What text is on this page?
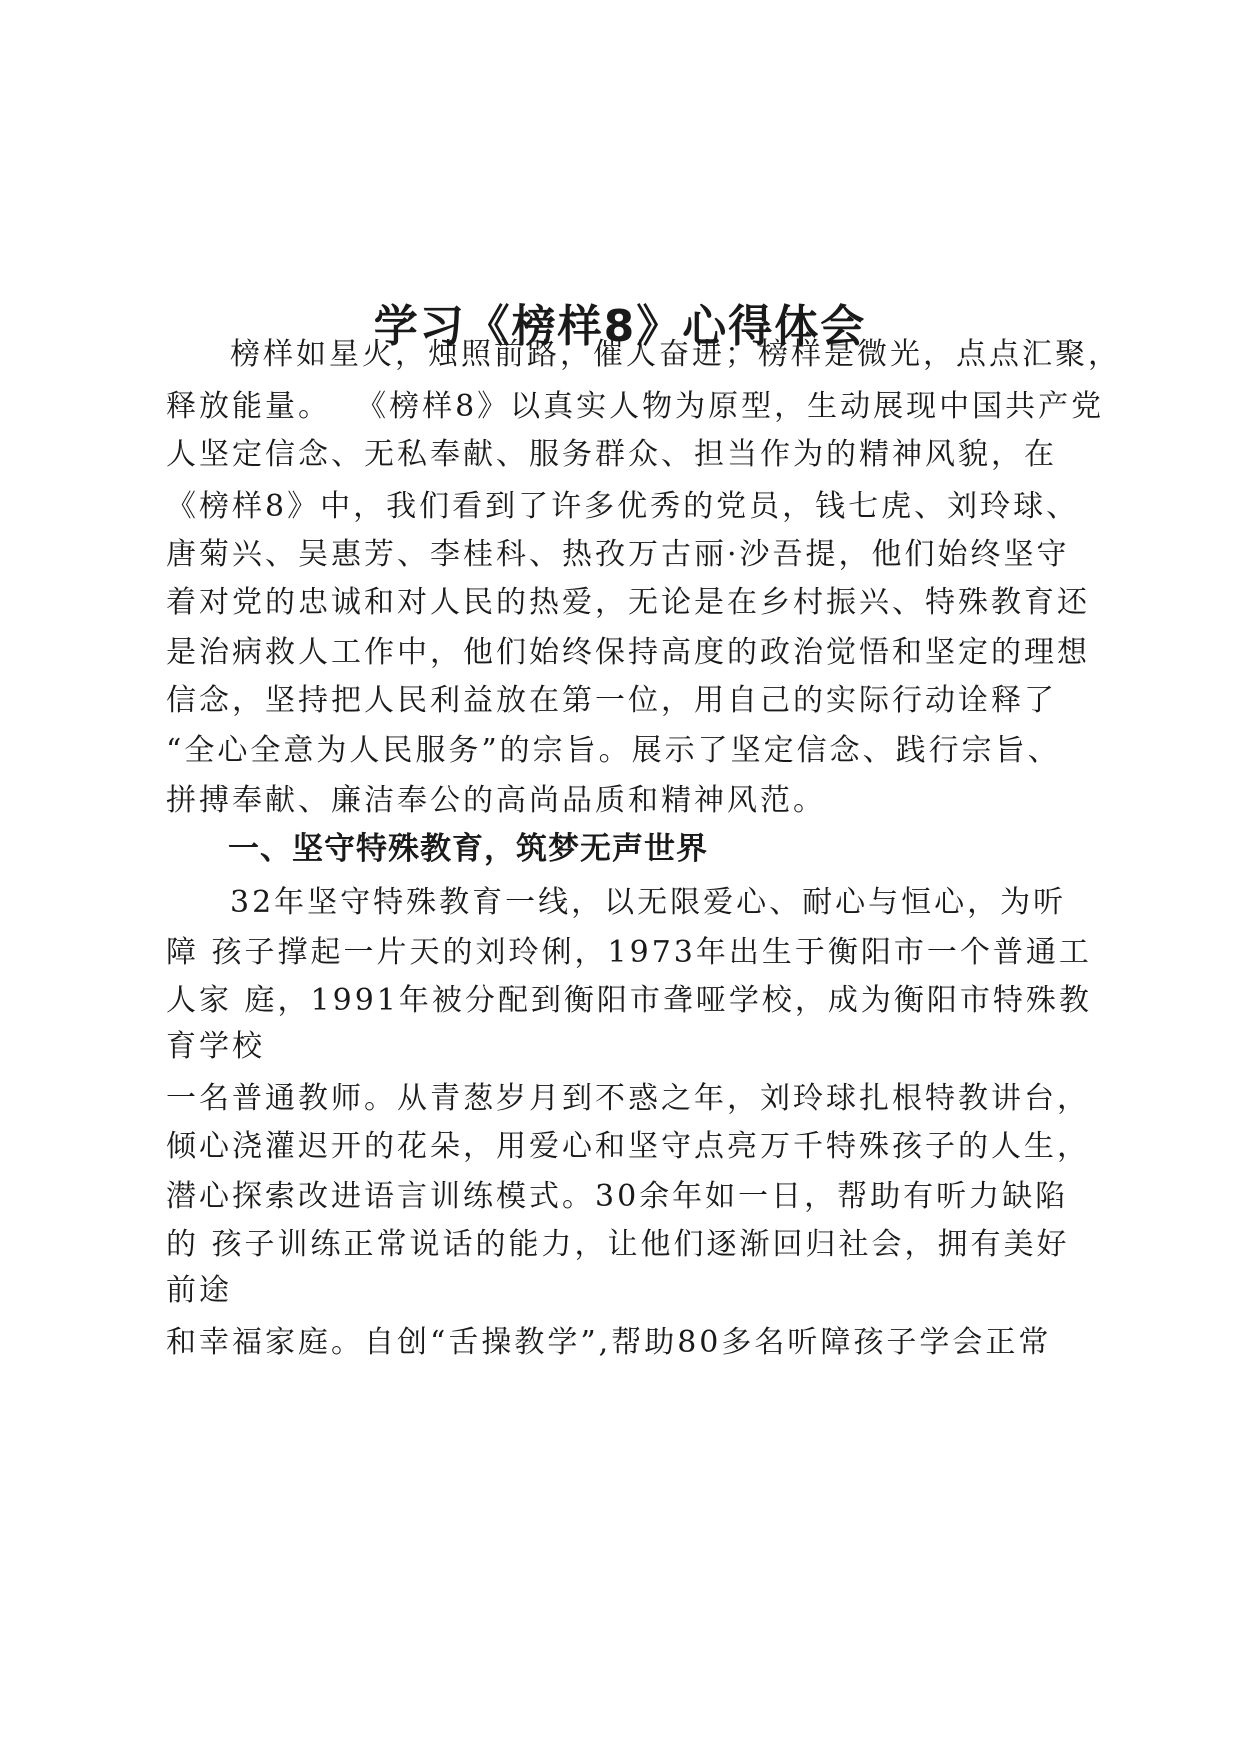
学习《榜样8》心得体会
榜样如星火，烛照前路，催人奋进；榜样是微光，点点汇聚，
释放能量。  《榜样8》以真实人物为原型，生动展现中国共产党
人坚定信念、无私奉献、服务群众、担当作为的精神风貌，在
《榜样8》中，我们看到了许多优秀的党员，钱七虎、刘玲球、
唐菊兴、吴惠芳、李桂科、热孜万古丽·沙吾提，他们始终坚守
着对党的忠诚和对人民的热爱，无论是在乡村振兴、特殊教育还
是治病救人工作中，他们始终保持高度的政治觉悟和坚定的理想
信念，坚持把人民利益放在第一位，用自己的实际行动诠释了
“全心全意为人民服务”的宗旨。展示了坚定信念、践行宗旨、
拼搏奉献、廉洁奉公的高尚品质和精神风范。
一、坚守特殊教育，筑梦无声世界
32年坚守特殊教育一线，以无限爱心、耐心与恒心，为听
障 孩子撑起一片天的刘玲俐，1973年出生于衡阳市一个普通工
人家 庭，1991年被分配到衡阳市聋哑学校，成为衡阳市特殊教
育学校
一名普通教师。从青葱岁月到不惑之年，刘玲球扎根特教讲台，
倾心浇灌迟开的花朵，用爱心和坚守点亮万千特殊孩子的人生，
潜心探索改进语言训练模式。30余年如一日，帮助有听力缺陷
的 孩子训练正常说话的能力，让他们逐渐回归社会，拥有美好
前途
和幸福家庭。自创“舌操教学”,帮助80多名听障孩子学会正常
